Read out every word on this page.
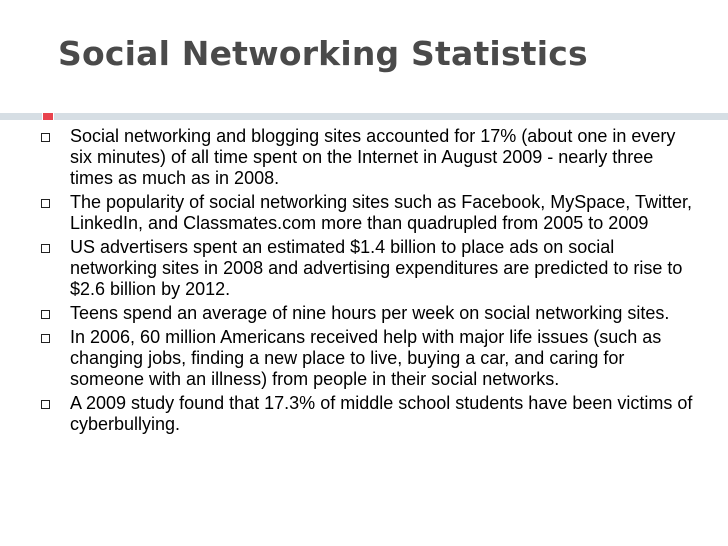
Social Networking Statistics
Social networking and blogging sites accounted for 17% (about one in every six minutes) of all time spent on the Internet in August 2009 - nearly three times as much as in 2008.
The popularity of social networking sites such as Facebook, MySpace, Twitter, LinkedIn, and Classmates.com more than quadrupled from 2005 to 2009
US advertisers spent an estimated $1.4 billion to place ads on social networking sites in 2008 and advertising expenditures are predicted to rise to $2.6 billion by 2012.
Teens spend an average of nine hours per week on social networking sites.
In 2006, 60 million Americans received help with major life issues (such as changing jobs, finding a new place to live, buying a car, and caring for someone with an illness) from people in their social networks.
A 2009 study found that 17.3% of middle school students have been victims of cyberbullying.
